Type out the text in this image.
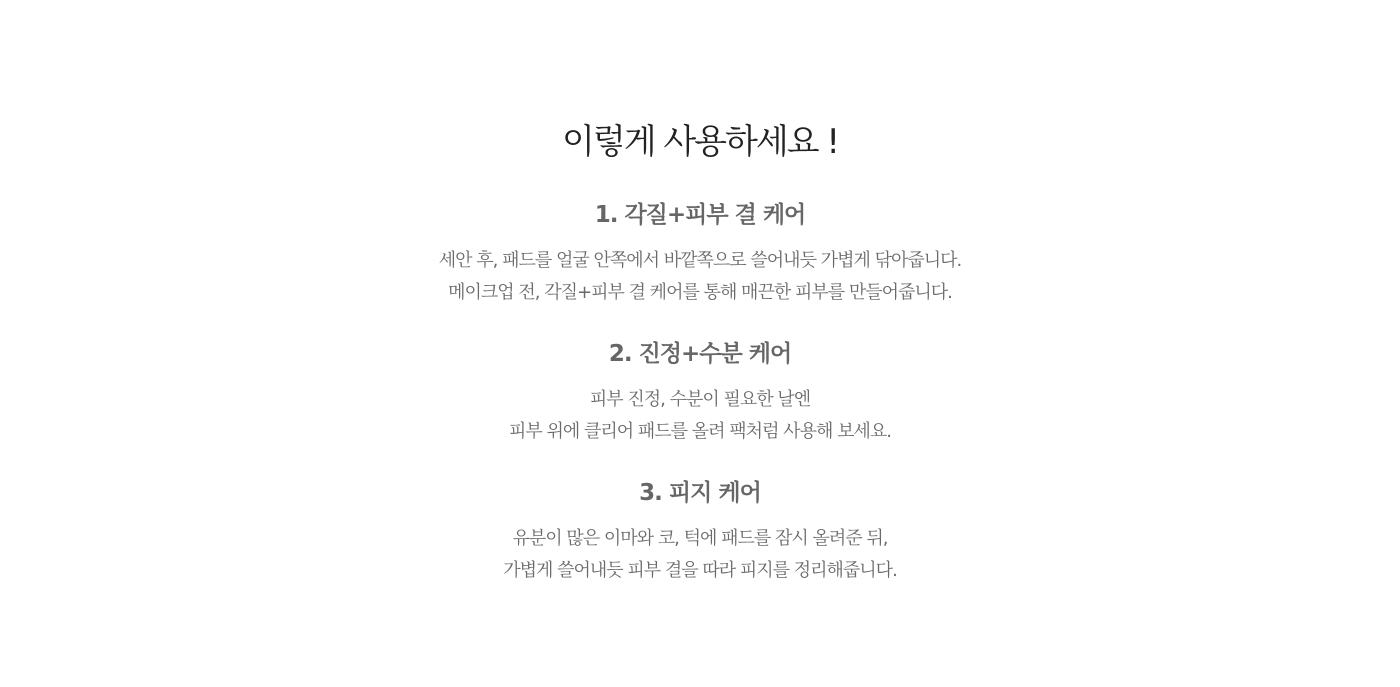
이렇게 사용하세요 !
1. 각질+피부 결 케어

세안 후, 패드를 얼굴 안쪽에서 바깥쪽으로 쓸어내듯 가볍게 닦아줍니다.
메이크업 전, 각질+피부 결 케어를 통해 매끈한 피부를 만들어줍니다.

2. 진정+수분 케어

피부 진정, 수분이 필요한 날엔
피부 위에 클리어 패드를 올려 팩처럼 사용해 보세요.

3. 피지 케어

유분이 많은 이마와 코, 턱에 패드를 잠시 올려준 뒤,
가볍게 쓸어내듯 피부 결을 따라 피지를 정리해줍니다.
